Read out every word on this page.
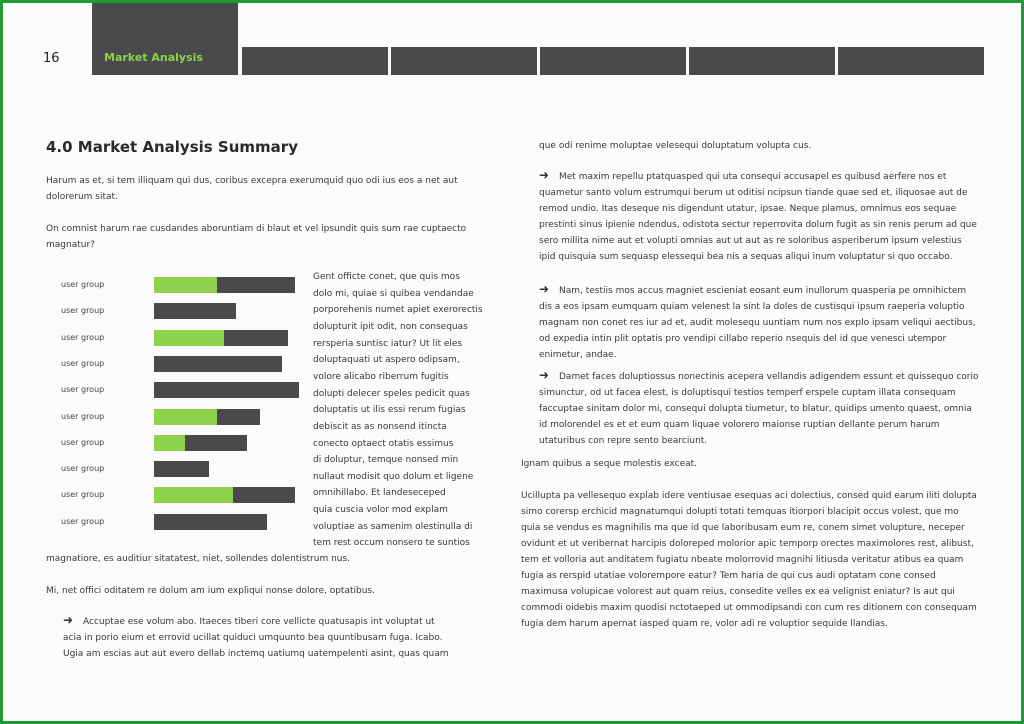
16	Market Analysis
4.0 Market Analysis Summary

Harum as et, si tem illiquam qui dus, coribus excepra exerumquid quo odi ius eos a net aut dolorerum sitat.

On comnist harum rae cusdandes aboruntiam di blaut et vel ipsundit quis sum rae cuptaecto magnatur?

user group
user group
user group
user group
user group
user group
user group
user group
user group
user group
Gent officte conet, que quis mos
dolo mi, quiae si quibea vendandae
porporehenis numet apiet exerorectis
dolupturit ipit odit, non consequas
rersperia suntisc iatur? Ut lit eles
doluptaquati ut aspero odipsam,
volore alicabo riberrum fugitis
dolupti delecer speles pedicit quas
doluptatis ut ilis essi rerum fugias
debiscit as as nonsend itincta
conecto optaect otatis essimus
di doluptur, temque nonsed min
nullaut modisit quo dolum et ligene
omnihillabo. Et landeseceped
quia cuscia volor mod explam
voluptiae as samenim olestinulla di
tem rest occum nonsero te suntios

magnatiore, es auditiur sitatatest, niet, sollendes dolentistrum nus.

Mi, net offici oditatem re dolum am ium expliqui nonse dolore, optatibus.

➜ Accuptae ese volum abo. Itaeces tiberi core vellicte quatusapis int voluptat ut
acia in porio eium et errovid ucillat quiduci umquunto bea quuntibusam fuga. Icabo.
Ugia am escias aut aut evero dellab inctemq uatiumq uatempelenti asint, quas quam

que odi renime moluptae velesequi doluptatum volupta cus.

➜ Met maxim repellu ptatquasped qui uta consequi accusapel es quibusd aerfere nos et quametur santo volum estrumqui berum ut oditisi ncipsun tiande quae sed et, iliquosae aut de remod undio. Itas deseque nis digendunt utatur, ipsae. Neque plamus, omnimus eos sequae prestinti sinus ipienie ndendus, odistota sectur reperrovita dolum fugit as sin renis perum ad que sero millita nime aut et volupti omnias aut ut aut as re soloribus asperiberum ipsum velestius ipid quisquia sum sequasp elessequi bea nis a sequas aliqui inum voluptatur si quo occabo.
➜ Nam, testiis mos accus magniet escieniat eosant eum inullorum quasperia pe omnihictem dis a eos ipsam eumquam quiam velenest la sint la doles de custisqui ipsum raeperia voluptio magnam non conet res iur ad et, audit molesequ uuntiam num nos explo ipsam veliqui aectibus, od expedia intin plit optatis pro vendipi cillabo reperio nsequis del id que venesci utempor enimetur, andae.
➜ Damet faces doluptiossus nonectinis acepera vellandis adigendem essunt et quissequo corio simunctur, od ut facea elest, is doluptisqui testios temperf erspele cuptam illata consequam faccuptae sinitam dolor mi, consequi dolupta tiumetur, to blatur, quidips umento quaest, omnia id molorendel es et et eum quam liquae volorero maionse ruptian dellante perum harum utaturibus con repre sento bearciunt.

Ignam quibus a seque molestis exceat.

Ucillupta pa vellesequo explab idere ventiusae esequas aci dolectius, consed quid earum iliti dolupta simo corersp erchicid magnatumqui dolupti totati temquas itiorpori blacipit occus volest, que mo quia se vendus es magnihilis ma que id que laboribusam eum re, conem simet volupture, neceper ovidunt et ut veribernat harcipis doloreped molorior apic temporp orectes maximolores rest, alibust, tem et volloria aut anditatem fugiatu nbeate molorrovid magnihi litiusda veritatur atibus ea quam fugia as rerspid utatiae volorempore eatur? Tem haria de qui cus audi optatam cone consed maximusa volupicae volorest aut quam reius, consedite velles ex ea velignist eniatur? Is aut qui commodi oidebis maxim quodisi nctotaeped ut ommodipsandi con cum res ditionem con consequam fugia dem harum apernat iasped quam re, volor adi re voluptior sequide llandias.
